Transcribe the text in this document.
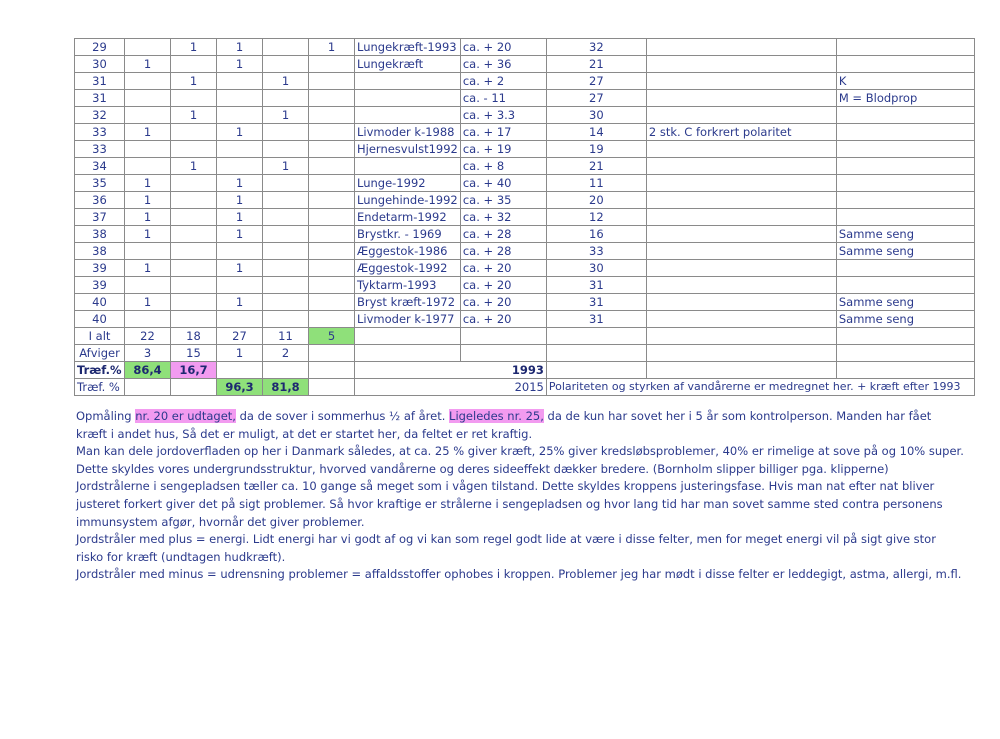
29		1	1		1	Lungekræft-1993	ca. + 20	32		
30	1		1			Lungekræft	ca. + 36	21		
31		1		1			ca. + 2	27		K
31							ca. - 11	27		M = Blodprop
32		1		1			ca. + 3.3	30		
33	1		1			Livmoder k-1988	ca. + 17	14	2 stk. C forkrert polaritet	
33						Hjernesvulst1992	ca. + 19	19		
34		1		1			ca. + 8	21		
35	1		1			Lunge-1992	ca. + 40	11		
36	1		1			Lungehinde-1992	ca. + 35	20		
37	1		1			Endetarm-1992	ca. + 32	12		
38	1		1			Brystkr. - 1969	ca. + 28	16		Samme seng
38						Æggestok-1986	ca. + 28	33		Samme seng
39	1		1			Æggestok-1992	ca. + 20	30		
39						Tyktarm-1993	ca. + 20	31		
40	1		1			Bryst kræft-1972	ca. + 20	31		Samme seng
40						Livmoder k-1977	ca. + 20	31		Samme seng
I alt	22	18	27	11	5					
Afviger	3	15	1	2						
Træf.%	86,4	16,7				1993				
Træf. %			96,3	81,8		2015		Polariteten og styrken af vandårerne er medregnet her. + kræft efter 1993		

Opmåling nr. 20 er udtaget, da de sover i sommerhus ½ af året. Ligeledes nr. 25, da de kun har sovet her i 5 år som kontrolperson. Manden har fået

kræft i andet hus, Så det er muligt, at det er startet her, da feltet er ret kraftig.

Man kan dele jordoverfladen op her i Danmark således, at ca. 25 % giver kræft, 25% giver kredsløbsproblemer, 40% er rimelige at sove på og 10% super.

Dette skyldes vores undergrundsstruktur, hvorved vandårerne og deres sideeffekt dækker bredere. (Bornholm slipper billiger pga. klipperne)

Jordstrålerne i sengepladsen tæller ca. 10 gange så meget som i vågen tilstand. Dette skyldes kroppens justeringsfase. Hvis man nat efter nat bliver

justeret forkert giver det på sigt problemer. Så hvor kraftige er strålerne i sengepladsen og hvor lang tid har man sovet samme sted contra personens

immunsystem afgør, hvornår det giver problemer.

Jordstråler med plus = energi. Lidt energi har vi godt af og vi kan som regel godt lide at være i disse felter, men for meget energi vil på sigt give stor

risko for kræft (undtagen hudkræft).

Jordstråler med minus = udrensning problemer = affaldsstoffer ophobes i kroppen. Problemer jeg har mødt i disse felter er leddegigt, astma, allergi, m.fl.
